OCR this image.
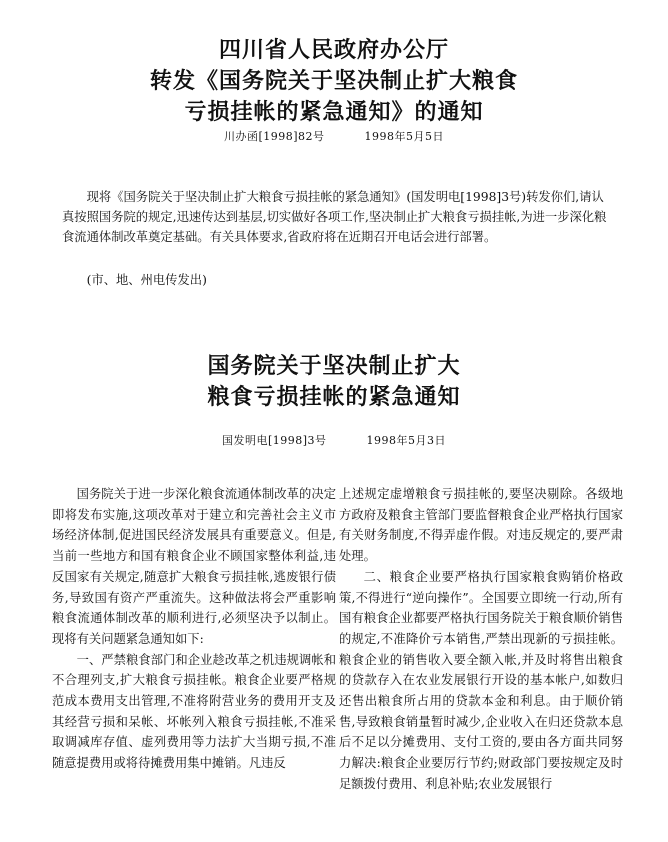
四川省人民政府办公厅
转发《国务院关于坚决制止扩大粮食
亏损挂帐的紧急通知》的通知
川办函[1998]82号	1998年5月5日

现将《国务院关于坚决制止扩大粮食亏损挂帐的紧急通知》(国发明电[1998]3号)转发你们,请认真按照国务院的规定,迅速传达到基层,切实做好各项工作,坚决制止扩大粮食亏损挂帐,为进一步深化粮食流通体制改革奠定基础。有关具体要求,省政府将在近期召开电话会进行部署。

(市、地、州电传发出)

国务院关于坚决制止扩大
粮食亏损挂帐的紧急通知
国发明电[1998]3号	1998年5月3日

国务院关于进一步深化粮食流通体制改革的决定即将发布实施,这项改革对于建立和完善社会主义市场经济体制,促进国民经济发展具有重要意义。但是,当前一些地方和国有粮食企业不顾国家整体利益,违反国家有关规定,随意扩大粮食亏损挂帐,逃废银行债务,导致国有资产严重流失。这种做法将会严重影响粮食流通体制改革的顺利进行,必须坚决予以制止。现将有关问题紧急通知如下:

一、严禁粮食部门和企业趁改革之机违规调帐和不合理列支,扩大粮食亏损挂帐。粮食企业要严格规范成本费用支出管理,不准将附营业务的费用开支及其经营亏损和呆帐、坏帐列入粮食亏损挂帐,不准采取调减库存值、虚列费用等力法扩大当期亏损,不准随意提费用或将待摊费用集中摊销。凡违反

上述规定虚增粮食亏损挂帐的,要坚决剔除。各级地方政府及粮食主管部门要监督粮食企业严格执行国家有关财务制度,不得弄虚作假。对违反规定的,要严肃处理。

二、粮食企业要严格执行国家粮食购销价格政策,不得进行“逆向操作”。全国要立即统一行动,所有国有粮食企业都要严格执行国务院关于粮食顺价销售的规定,不准降价亏本销售,严禁出现新的亏损挂帐。粮食企业的销售收入要全额入帐,并及时将售出粮食的贷款存入在农业发展银行开设的基本帐户,如数归还售出粮食所占用的贷款本金和利息。由于顺价销售,导致粮食销量暂时减少,企业收入在归还贷款本息后不足以分摊费用、支付工资的,要由各方面共同努力解决:粮食企业要厉行节约;财政部门要按规定及时足额拨付费用、利息补贴;农业发展银行
